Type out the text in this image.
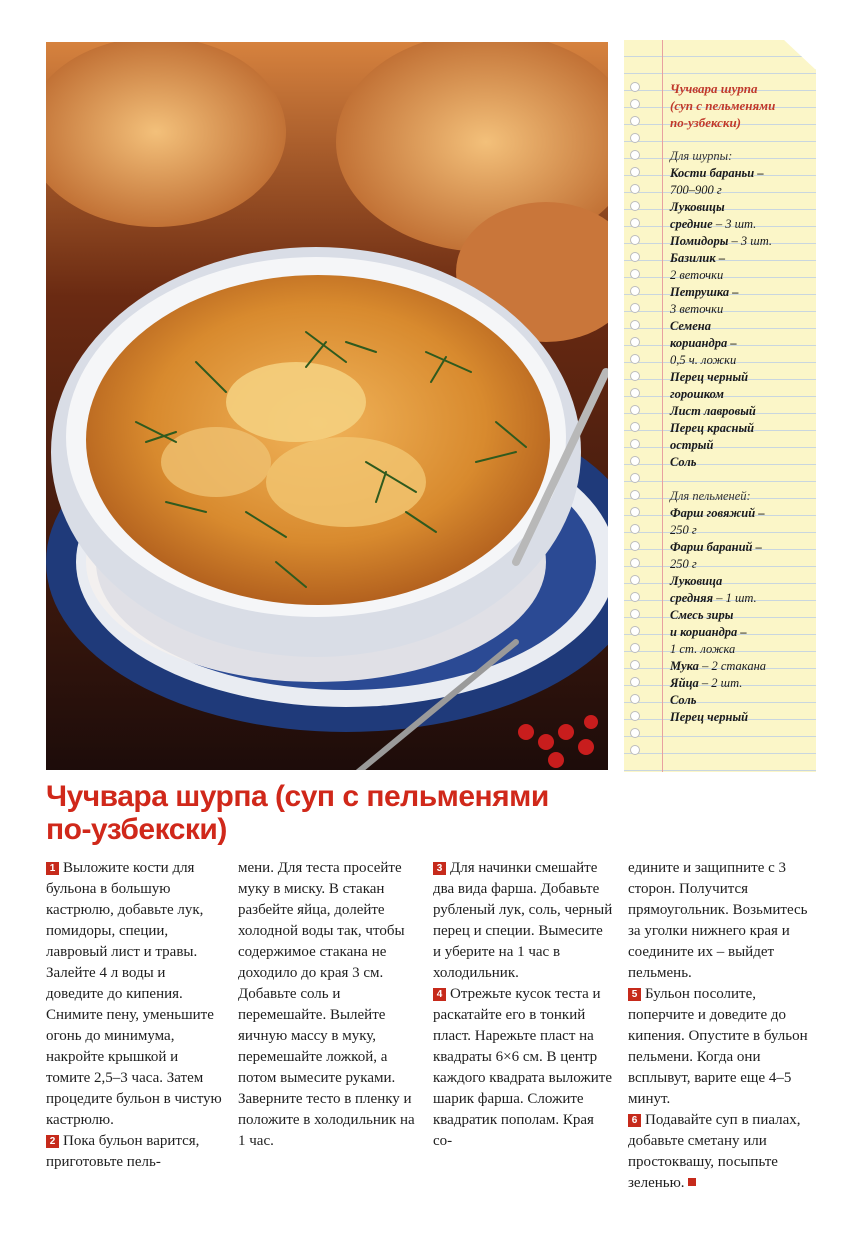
Чучвара шурпа
(суп с пельменями
по-узбекски)
Для шурпы:
Кости бараньи –
700–900 г
Луковицы
средние – 3 шт.
Помидоры – 3 шт.
Базилик –
2 веточки
Петрушка –
3 веточки
Семена
кориандра –
0,5 ч. ложки
Перец черный
горошком
Лист лавровый
Перец красный
острый
Соль
Для пельменей:
Фарш говяжий –
250 г
Фарш бараний –
250 г
Луковица
средняя – 1 шт.
Смесь зиры
и кориандра –
1 ст. ложка
Мука – 2 стакана
Яйца – 2 шт.
Соль
Перец черный
Чучвара шурпа (суп с пельменями
по-узбекски)

1 Выложите кости для бульона в большую кастрюлю, добавьте лук, помидоры, специи, лавровый лист и травы. Залейте 4 л воды и доведите до кипения. Снимите пену, уменьшите огонь до минимума, накройте крышкой и томите 2,5–3 часа. Затем процедите бульон в чистую кастрюлю.

2 Пока бульон варится, приготовьте пель-

мени. Для теста просейте муку в миску. В стакан разбейте яйца, долейте холодной воды так, чтобы содержимое стакана не доходило до края 3 см. Добавьте соль и перемешайте. Вылейте яичную массу в муку, перемешайте ложкой, а потом вымесите руками. Заверните тесто в пленку и положите в холодильник на 1 час.

3 Для начинки смешайте два вида фарша. Добавьте рубленый лук, соль, черный перец и специи. Вымесите и уберите на 1 час в холодильник.

4 Отрежьте кусок теста и раскатайте его в тонкий пласт. Нарежьте пласт на квадраты 6×6 см. В центр каждого квадрата выложите шарик фарша. Сложите квадратик пополам. Края со-

едините и защипните с 3 сторон. Получится прямоугольник. Возьмитесь за уголки нижнего края и соедините их – выйдет пельмень.

5 Бульон посолите, поперчите и доведите до кипения. Опустите в бульон пельмени. Когда они всплывут, варите еще 4–5 минут.

6 Подавайте суп в пиалах, добавьте сметану или простоквашу, посыпьте зеленью.
